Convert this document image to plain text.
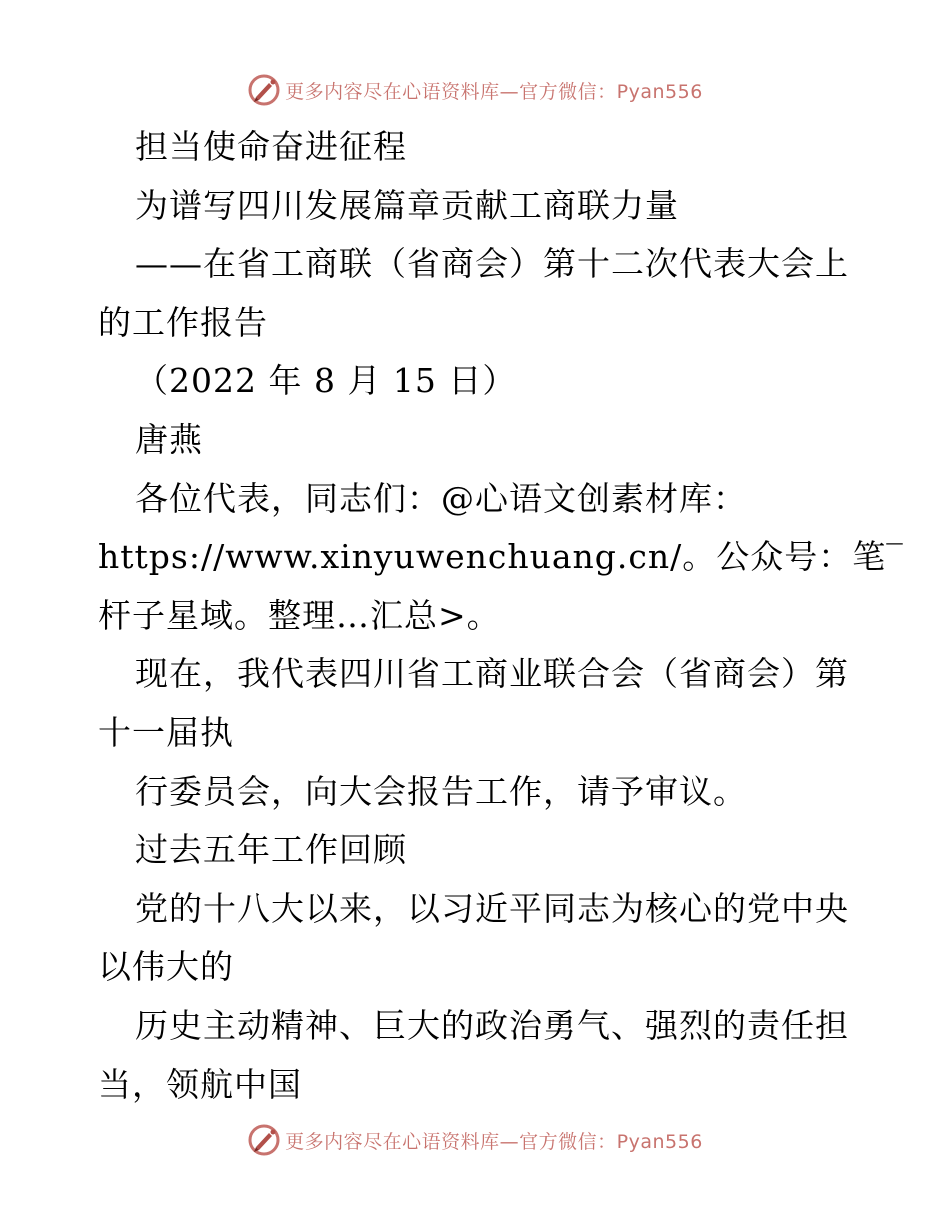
更多内容尽在心语资料库—官方微信：Pyan556
担当使命奋进征程
为谱写四川发展篇章贡献工商联力量
——在省工商联（省商会）第十二次代表大会上
的工作报告
（2022 年 8 月 15 日）
唐燕
各位代表，同志们：@心语文创素材库：
https://www.xinyuwenchuang.cn/。公众号：笔‾
杆子星域。整理…汇总>。
现在，我代表四川省工商业联合会（省商会）第
十一届执
行委员会，向大会报告工作，请予审议。
过去五年工作回顾
党的十八大以来，以习近平同志为核心的党中央
以伟大的
历史主动精神、巨大的政治勇气、强烈的责任担
当，领航中国
更多内容尽在心语资料库—官方微信：Pyan556
